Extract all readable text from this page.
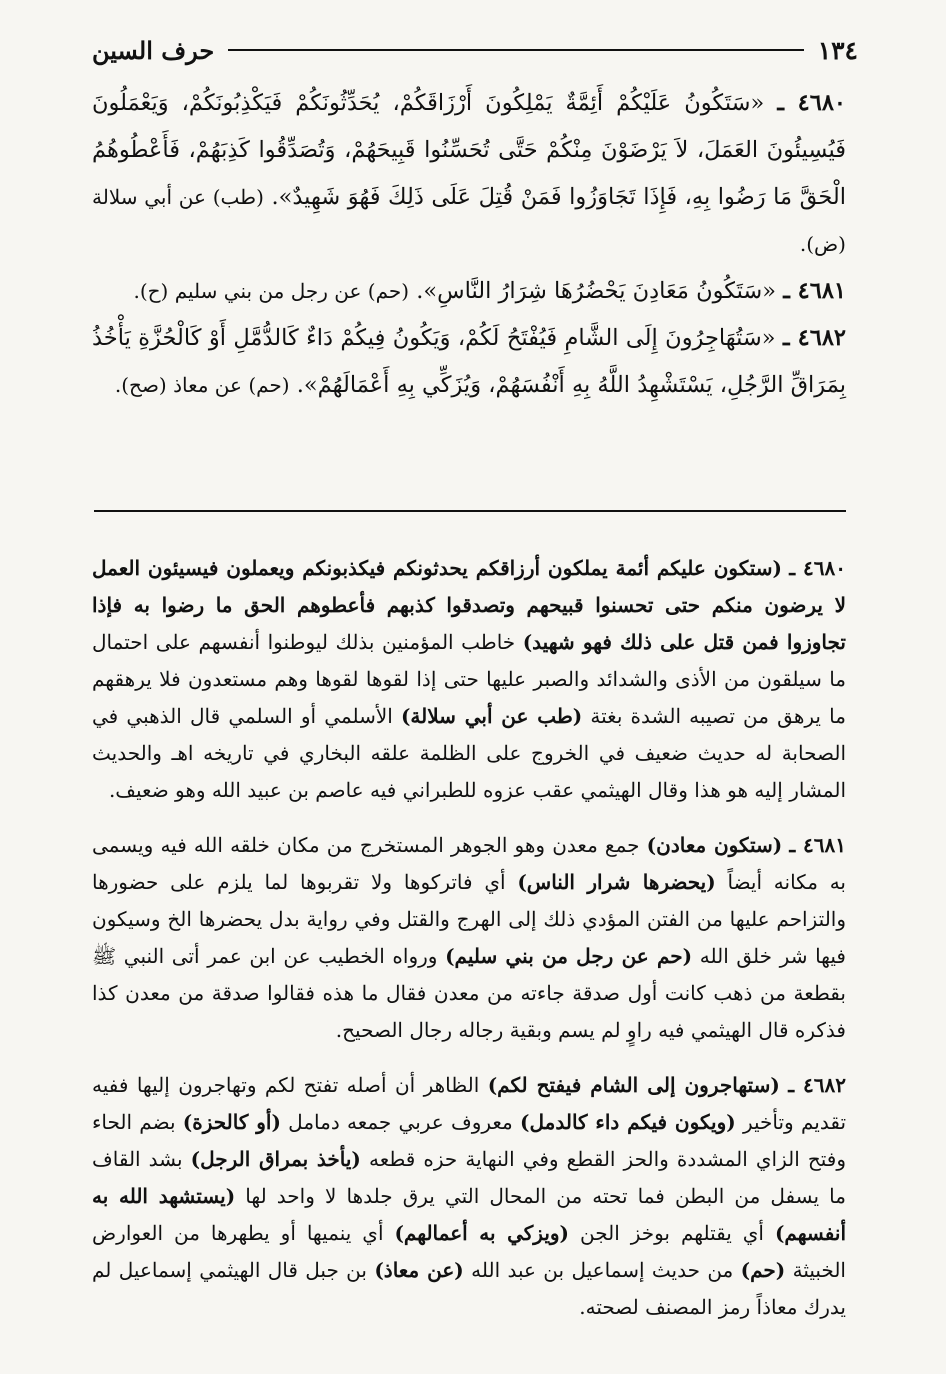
١٣٤
حرف السين

٤٦٨٠ ـ «سَتَكُونُ عَلَيْكُمْ أَئِمَّةٌ يَمْلِكُونَ أَرْزَاقَكُمْ، يُحَدِّثُونَكُمْ فَيَكْذِبُونَكُمْ، وَيَعْمَلُونَ فَيُسِيئُونَ العَمَلَ، لاَ يَرْضَوْنَ مِنْكُمْ حَتَّى تُحَسِّنُوا قَبِيحَهُمْ، وَتُصَدِّقُوا كَذِبَهُمْ، فَأَعْطُوهُمُ الْحَقَّ مَا رَضُوا بِهِ، فَإِذَا تَجَاوَزُوا فَمَنْ قُتِلَ عَلَى ذَلِكَ فَهُوَ شَهِيدٌ». (طب) عن أبي سلالة (ض).

٤٦٨١ ـ «سَتَكُونُ مَعَادِنَ يَحْضُرُهَا شِرَارُ النَّاسِ». (حم) عن رجل من بني سليم (ح).

٤٦٨٢ ـ «سَتُهَاجِرُونَ إِلَى الشَّامِ فَيُفْتَحُ لَكُمْ، وَيَكُونُ فِيكُمْ دَاءٌ كَالدُّمَّلِ أَوْ كَالْحُزَّةِ يَأْخُذُ بِمَرَاقِّ الرَّجُلِ، يَسْتَشْهِدُ اللَّهُ بِهِ أَنْفُسَهُمْ، وَيُزَكِّي بِهِ أَعْمَالَهُمْ». (حم) عن معاذ (صح).

٤٦٨٠ ـ (ستكون عليكم أئمة يملكون أرزاقكم يحدثونكم فيكذبونكم ويعملون فيسيئون العمل لا يرضون منكم حتى تحسنوا قبيحهم وتصدقوا كذبهم فأعطوهم الحق ما رضوا به فإذا تجاوزوا فمن قتل على ذلك فهو شهيد) خاطب المؤمنين بذلك ليوطنوا أنفسهم على احتمال ما سيلقون من الأذى والشدائد والصبر عليها حتى إذا لقوها لقوها وهم مستعدون فلا يرهقهم ما يرهق من تصيبه الشدة بغتة (طب عن أبي سلالة) الأسلمي أو السلمي قال الذهبي في الصحابة له حديث ضعيف في الخروج على الظلمة علقه البخاري في تاريخه اهـ والحديث المشار إليه هو هذا وقال الهيثمي عقب عزوه للطبراني فيه عاصم بن عبيد الله وهو ضعيف.

٤٦٨١ ـ (ستكون معادن) جمع معدن وهو الجوهر المستخرج من مكان خلقه الله فيه ويسمى به مكانه أيضاً (يحضرها شرار الناس) أي فاتركوها ولا تقربوها لما يلزم على حضورها والتزاحم عليها من الفتن المؤدي ذلك إلى الهرج والقتل وفي رواية بدل يحضرها الخ وسيكون فيها شر خلق الله (حم عن رجل من بني سليم) ورواه الخطيب عن ابن عمر أتى النبي ﷺ بقطعة من ذهب كانت أول صدقة جاءته من معدن فقال ما هذه فقالوا صدقة من معدن كذا فذكره قال الهيثمي فيه راوٍ لم يسم وبقية رجاله رجال الصحيح.

٤٦٨٢ ـ (ستهاجرون إلى الشام فيفتح لكم) الظاهر أن أصله تفتح لكم وتهاجرون إليها ففيه تقديم وتأخير (ويكون فيكم داء كالدمل) معروف عربي جمعه دمامل (أو كالحزة) بضم الحاء وفتح الزاي المشددة والحز القطع وفي النهاية حزه قطعه (يأخذ بمراق الرجل) بشد القاف ما يسفل من البطن فما تحته من المحال التي يرق جلدها لا واحد لها (يستشهد الله به أنفسهم) أي يقتلهم بوخز الجن (ويزكي به أعمالهم) أي ينميها أو يطهرها من العوارض الخبيثة (حم) من حديث إسماعيل بن عبد الله (عن معاذ) بن جبل قال الهيثمي إسماعيل لم يدرك معاذاً رمز المصنف لصحته.
